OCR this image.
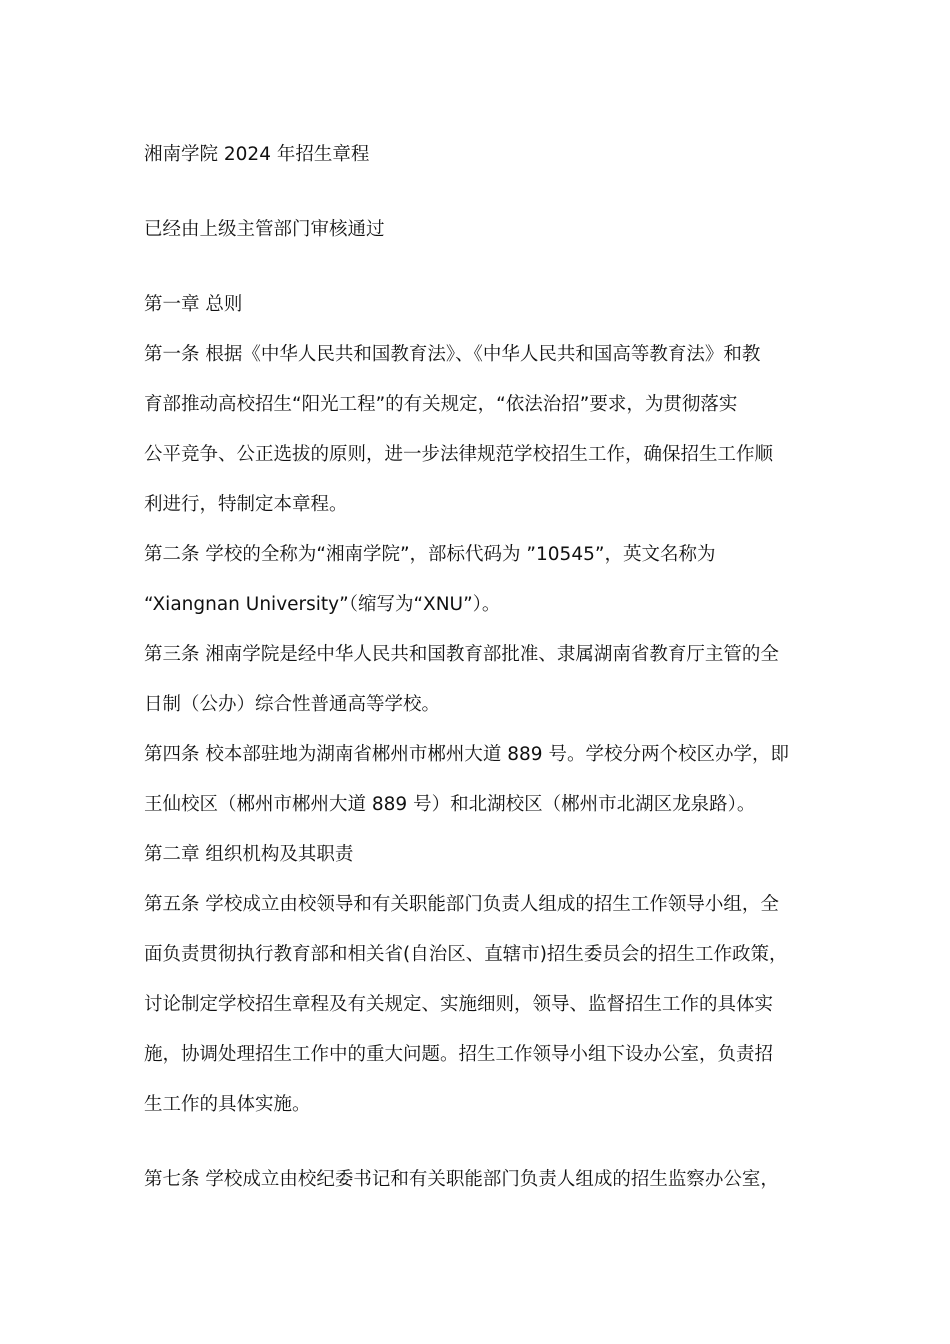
湘南学院 2024 年招生章程
已经由上级主管部门审核通过
第一章 总则
第一条 根据《中华人民共和国教育法》、《中华人民共和国高等教育法》和教
育部推动高校招生“阳光工程”的有关规定，“依法治招”要求，为贯彻落实
公平竞争、公正选拔的原则，进一步法律规范学校招生工作，确保招生工作顺
利进行，特制定本章程。
第二条 学校的全称为“湘南学院”，部标代码为 ”10545”，英文名称为
“Xiangnan University”（缩写为“XNU”）。
第三条 湘南学院是经中华人民共和国教育部批准、隶属湖南省教育厅主管的全
日制（公办）综合性普通高等学校。
第四条 校本部驻地为湖南省郴州市郴州大道 889 号。学校分两个校区办学，即
王仙校区（郴州市郴州大道 889 号）和北湖校区（郴州市北湖区龙泉路）。
第二章 组织机构及其职责
第五条 学校成立由校领导和有关职能部门负责人组成的招生工作领导小组，全
面负责贯彻执行教育部和相关省(自治区、直辖市)招生委员会的招生工作政策，
讨论制定学校招生章程及有关规定、实施细则，领导、监督招生工作的具体实
施，协调处理招生工作中的重大问题。招生工作领导小组下设办公室，负责招
生工作的具体实施。
第七条 学校成立由校纪委书记和有关职能部门负责人组成的招生监察办公室，
